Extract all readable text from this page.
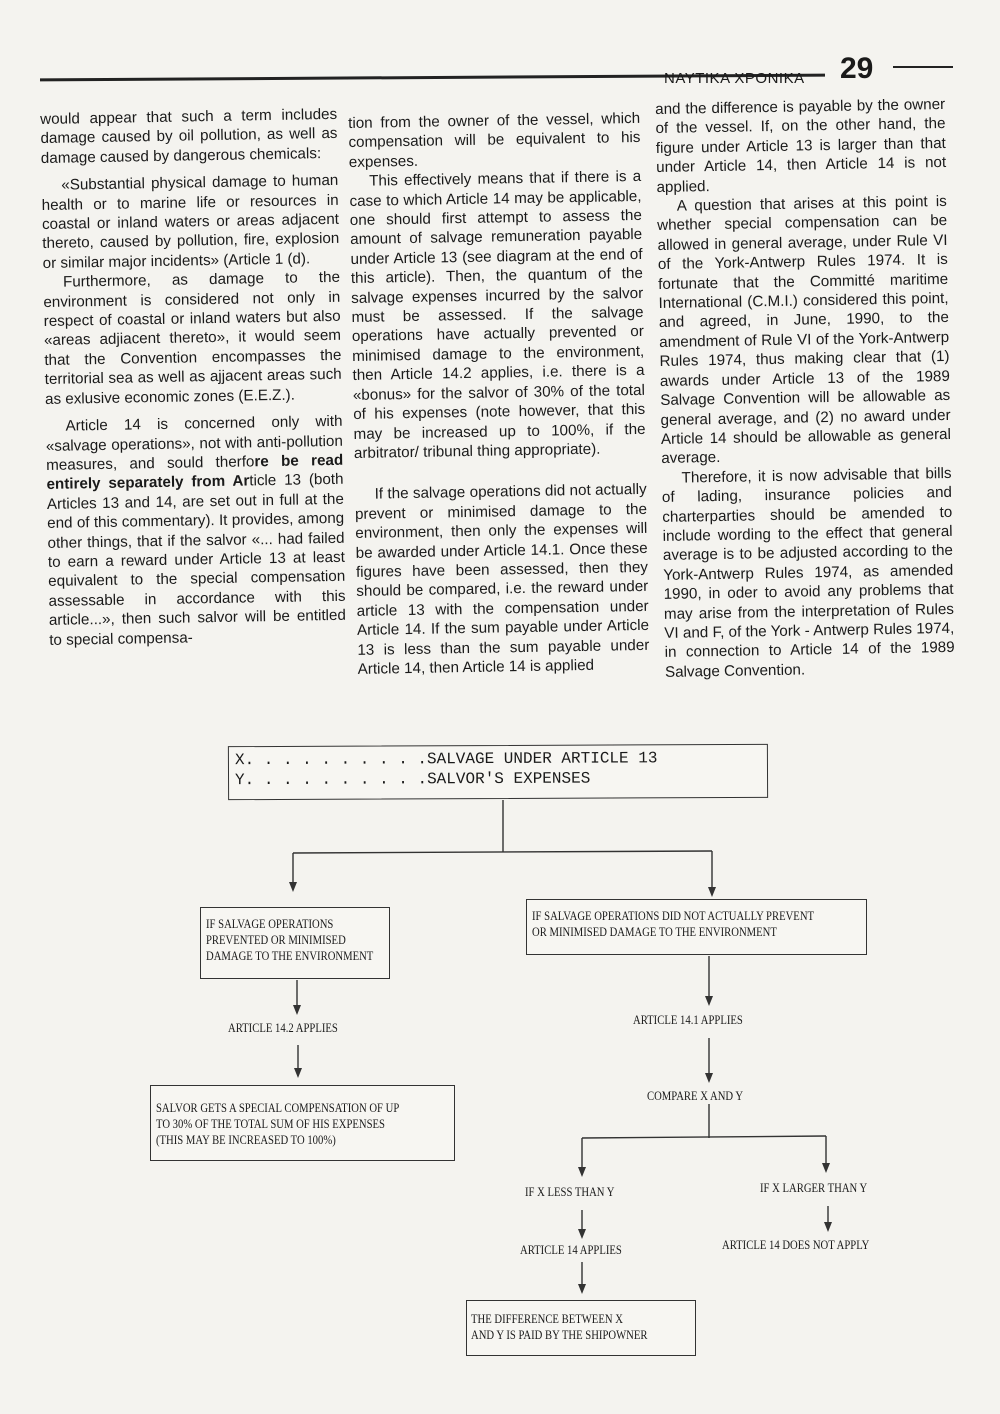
ΝΑΥΤΙΚΑ ΧΡΟΝΙΚΑ 29

would appear that such a term includes damage caused by oil pollution, as well as damage caused by dangerous chemicals:

«Substantial physical damage to human health or to marine life or resources in coastal or inland waters or areas adjacent thereto, caused by pollution, fire, explosion or similar major incidents» (Article 1 (d).

Furthermore, as damage to the environment is considered not only in respect of coastal or inland waters but also «areas adjiacent thereto», it would seem that the Convention encompasses the territorial sea as well as ajjacent areas such as exlusive economic zones (E.E.Z.).

Article 14 is concerned only with «salvage operations», not with anti-pollution measures, and sould therfore be read entirely separately from Article 13 (both Articles 13 and 14, are set out in full at the end of this commentary). It provides, among other things, that if the salvor «... had failed to earn a reward under Article 13 at least equivalent to the special compensation assessable in accordance with this article...», then such salvor will be entitled to special compensa-

tion from the owner of the vessel, which compensation will be equivalent to his expenses.

This effectively means that if there is a case to which Article 14 may be applicable, one should first attempt to assess the amount of salvage remuneration payable under Article 13 (see diagram at the end of this article). Then, the quantum of the salvage expenses incurred by the salvor must be assessed. If the salvage operations have actually prevented or minimised damage to the environment, then Article 14.2 applies, i.e. there is a «bonus» for the salvor of 30% of the total of his expenses (note however, that this may be increased up to 100%, if the arbitrator/ tribunal thing appropriate).

If the salvage operations did not actually prevent or minimised damage to the environment, then only the expenses will be awarded under Article 14.1. Once these figures have been assessed, then they should be compared, i.e. the reward under article 13 with the compensation under Article 14. If the sum payable under Article 13 is less than the sum payable under Article 14, then Article 14 is applied

and the difference is payable by the owner of the vessel. If, on the other hand, the figure under Article 13 is larger than that under Article 14, then Article 14 is not applied.

A question that arises at this point is whether special compensation can be allowed in general average, under Rule VI of the York-Antwerp Rules 1974. It is fortunate that the Committé maritime International (C.M.I.) considered this point, and agreed, in June, 1990, to the amendment of Rule VI of the York-Antwerp Rules 1974, thus making clear that (1) awards under Article 13 of the 1989 Salvage Convention will be allowable as general average, and (2) no award under Article 14 should be allowable as general average.

Therefore, it is now advisable that bills of lading, insurance policies and charterparties should be amended to include wording to the effect that general average is to be adjusted according to the York-Antwerp Rules 1974, as amended 1990, in oder to avoid any problems that may arise from the interpretation of Rules VI and F, of the York - Antwerp Rules 1974, in connection to Article 14 of the 1989 Salvage Convention.

X. . . . . . . . . .SALVAGE UNDER ARTICLE 13
Y. . . . . . . . . .SALVOR'S EXPENSES
IF SALVAGE OPERATIONS
PREVENTED OR MINIMISED
DAMAGE TO THE ENVIRONMENT
IF SALVAGE OPERATIONS DID NOT ACTUALLY PREVENT
OR MINIMISED DAMAGE TO THE ENVIRONMENT
ARTICLE 14.2 APPLIES
ARTICLE 14.1 APPLIES
SALVOR GETS A SPECIAL COMPENSATION OF UP
TO 30% OF THE TOTAL SUM OF HIS EXPENSES
(THIS MAY BE INCREASED TO 100%)
COMPARE X AND Y
IF X LESS THAN Y	IF X LARGER THAN Y
ARTICLE 14 APPLIES	ARTICLE 14 DOES NOT APPLY
THE DIFFERENCE BETWEEN X
AND Y IS PAID BY THE SHIPOWNER
